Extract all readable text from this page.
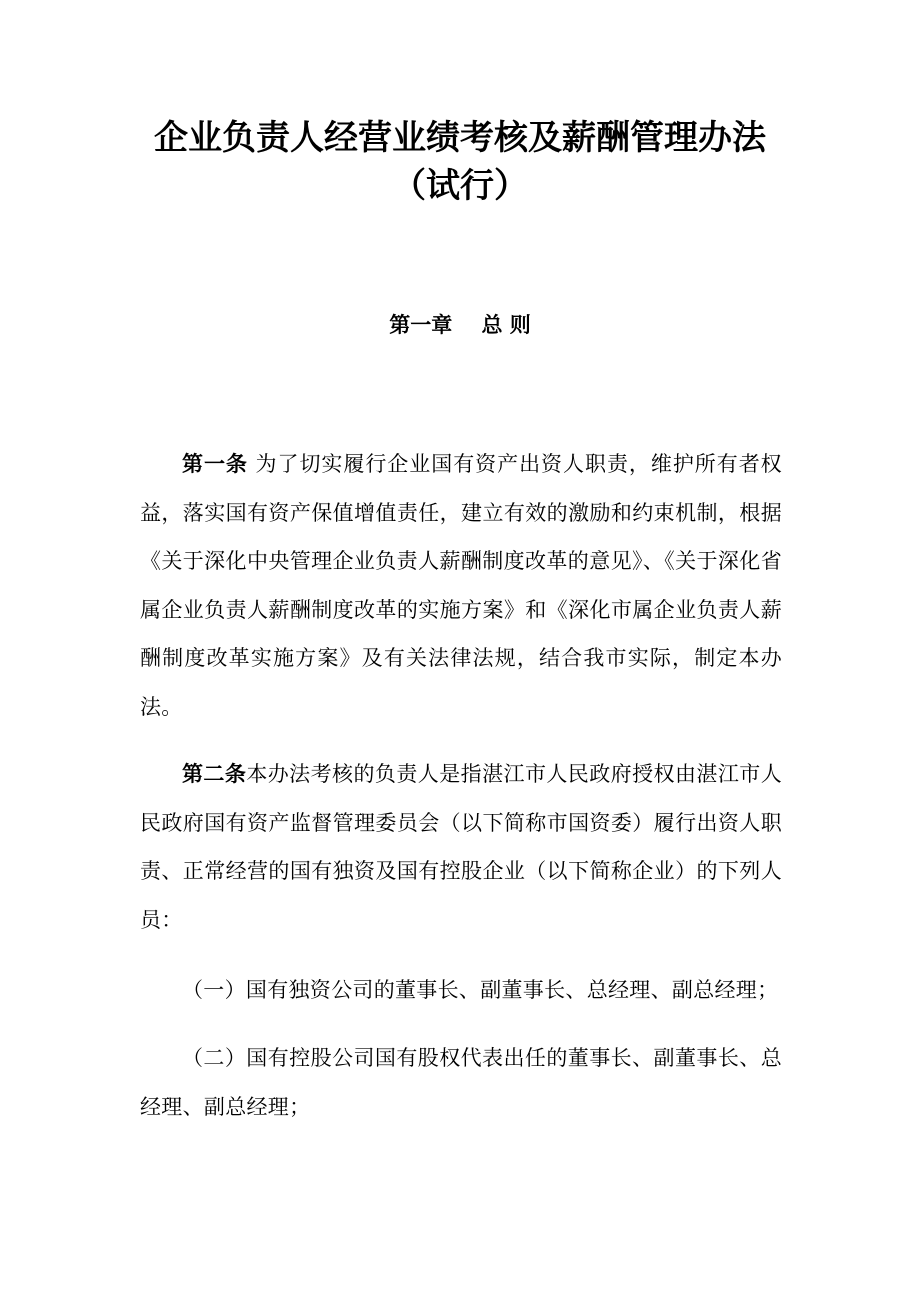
企业负责人经营业绩考核及薪酬管理办法
（试行）
第一章    总 则
第一条 为了切实履行企业国有资产出资人职责，维护所有者权益，落实国有资产保值增值责任，建立有效的激励和约束机制，根据《关于深化中央管理企业负责人薪酬制度改革的意见》、《关于深化省属企业负责人薪酬制度改革的实施方案》和《深化市属企业负责人薪酬制度改革实施方案》及有关法律法规，结合我市实际，制定本办法。
第二条本办法考核的负责人是指湛江市人民政府授权由湛江市人民政府国有资产监督管理委员会（以下简称市国资委）履行出资人职责、正常经营的国有独资及国有控股企业（以下简称企业）的下列人员：
（一）国有独资公司的董事长、副董事长、总经理、副总经理；
（二）国有控股公司国有股权代表出任的董事长、副董事长、总经理、副总经理；
